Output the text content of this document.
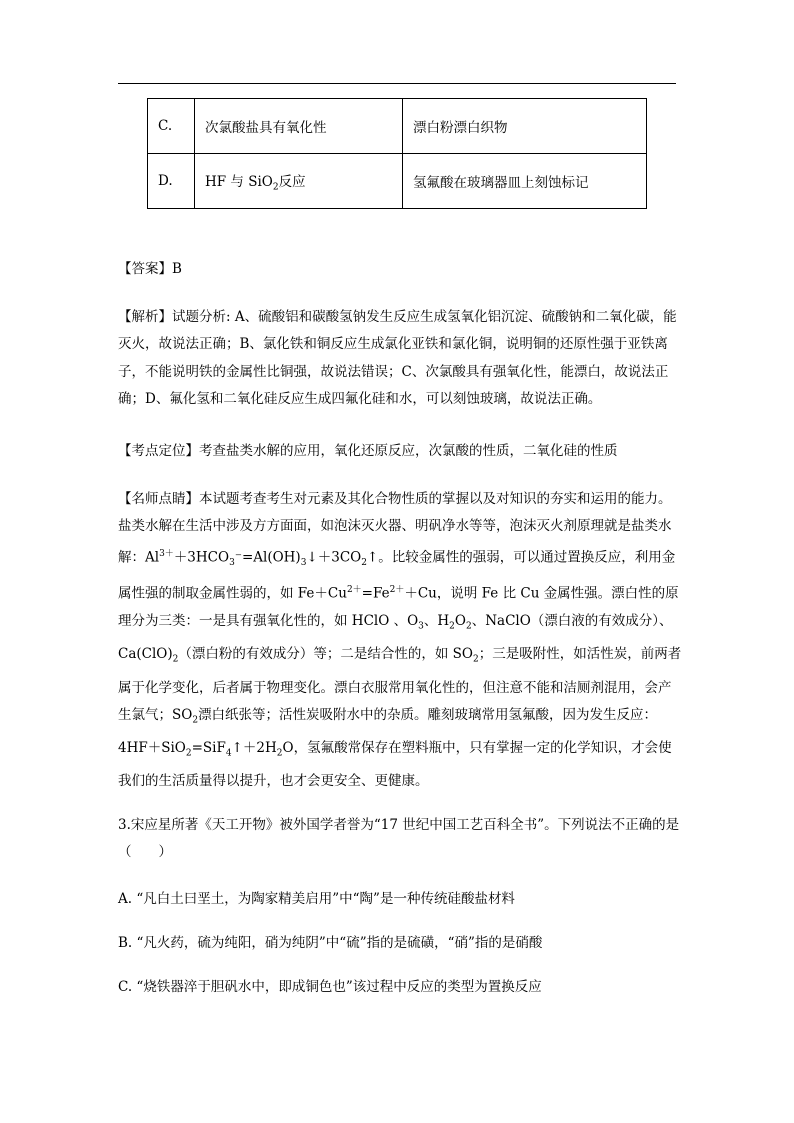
C.	次氯酸盐具有氧化性	漂白粉漂白织物
D.	HF 与 SiO$_2$反应	氢氟酸在玻璃器皿上刻蚀标记

【答案】B

【解析】试题分析: A、硫酸铝和碳酸氢钠发生反应生成氢氧化铝沉淀、硫酸钠和二氧化碳，能灭火，故说法正确；B、氯化铁和铜反应生成氯化亚铁和氯化铜，说明铜的还原性强于亚铁离子，不能说明铁的金属性比铜强，故说法错误；C、次氯酸具有强氧化性，能漂白，故说法正确；D、氟化氢和二氧化硅反应生成四氟化硅和水，可以刻蚀玻璃，故说法正确。

【考点定位】考查盐类水解的应用，氧化还原反应，次氯酸的性质，二氧化硅的性质

【名师点睛】本试题考查考生对元素及其化合物性质的掌握以及对知识的夯实和运用的能力。盐类水解在生活中涉及方方面面，如泡沫灭火器、明矾净水等等，泡沫灭火剂原理就是盐类水解：$Al^{3+}+3HCO_3^-=Al(OH)_3↓+3CO_2↑$。比较金属性的强弱，可以通过置换反应，利用金属性强的制取金属性弱的，如 $Fe+Cu^{2+}=Fe^{2+}+Cu$，说明 Fe 比 Cu 金属性强。漂白性的原理分为三类：一是具有强氧化性的，如 HClO 、$O_3$、$H_2O_2$、NaClO（漂白液的有效成分）、$Ca(ClO)_2$（漂白粉的有效成分）等；二是结合性的，如 $SO_2$；三是吸附性，如活性炭，前两者属于化学变化，后者属于物理变化。漂白衣服常用氧化性的，但注意不能和洁厕剂混用，会产生氯气；$SO_2$漂白纸张等；活性炭吸附水中的杂质。雕刻玻璃常用氢氟酸，因为发生反应：$4HF+SiO_2=SiF_4↑+2H_2O$，氢氟酸常保存在塑料瓶中，只有掌握一定的化学知识，才会使我们的生活质量得以提升，也才会更安全、更健康。

3.宋应星所著《天工开物》被外国学者誉为“17 世纪中国工艺百科全书”。下列说法不正确的是（　　）

A. “凡白土曰垩土，为陶家精美启用”中“陶”是一种传统硅酸盐材料

B. “凡火药，硫为纯阳，硝为纯阴”中“硫”指的是硫磺，“硝”指的是硝酸

C. “烧铁器淬于胆矾水中，即成铜色也”该过程中反应的类型为置换反应
